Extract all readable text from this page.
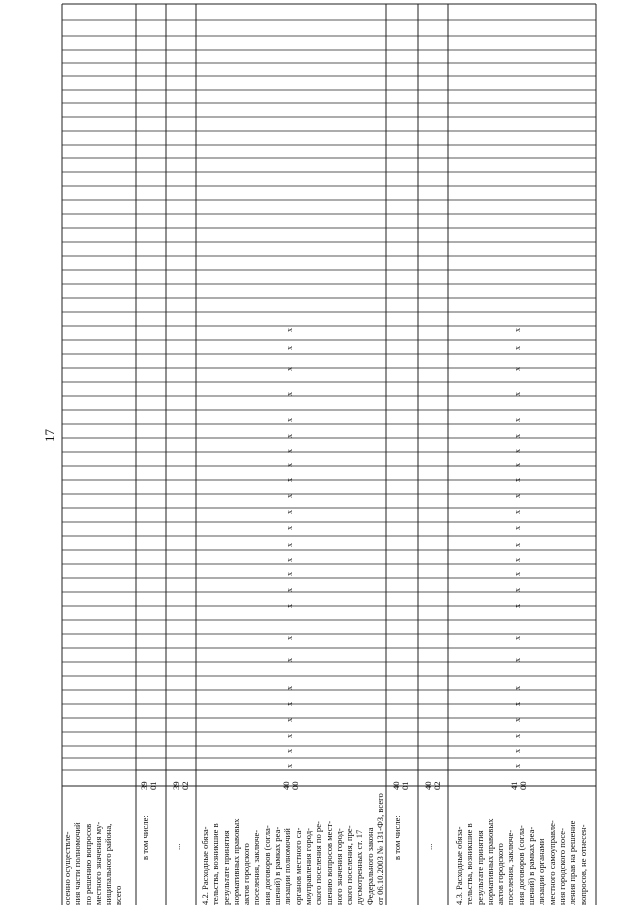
17
осенно осуществле-
ния части полномочий
по решению вопросов
местного значения му-
ниципального района,
всего
в том числе:
39
01
...
39
02
4.2. Расходные обяза-
тельства, возникшие в
результате принятия
нормативных правовых
актов городского
поселения, заключе-
ния договоров (согла-
шений) в рамках реа-
лизации полномочий
органов местного са-
моуправления город-
ского поселения по ре-
шению вопросов мест-
ного значения город-
ского поселения, пре-
дусмотренных ст. 17
Федерального закона
от 06.10.2003 № 131-ФЗ, всего
40
00
в том числе:
40
01
...
40
02
4.3. Расходные обяза-
тельства, возникшие в
результате принятия
нормативных правовых
актов городского
поселения, заключе-
ния договоров (согла-
шений) в рамках реа-
лизации органами
местного самоуправле-
ния городского посе-
ления прав на решение
вопросов, не отнесен-
41
00
x
x
x
x
x
x
x
x
x
x
x
x
x
x
x
x
x
x
x
x
x
x
x
x
x
x
x
x
x
x
x
x
x
x
x
x
x
x
x
x
x
x
x
x
x
x
x
x
x
x
